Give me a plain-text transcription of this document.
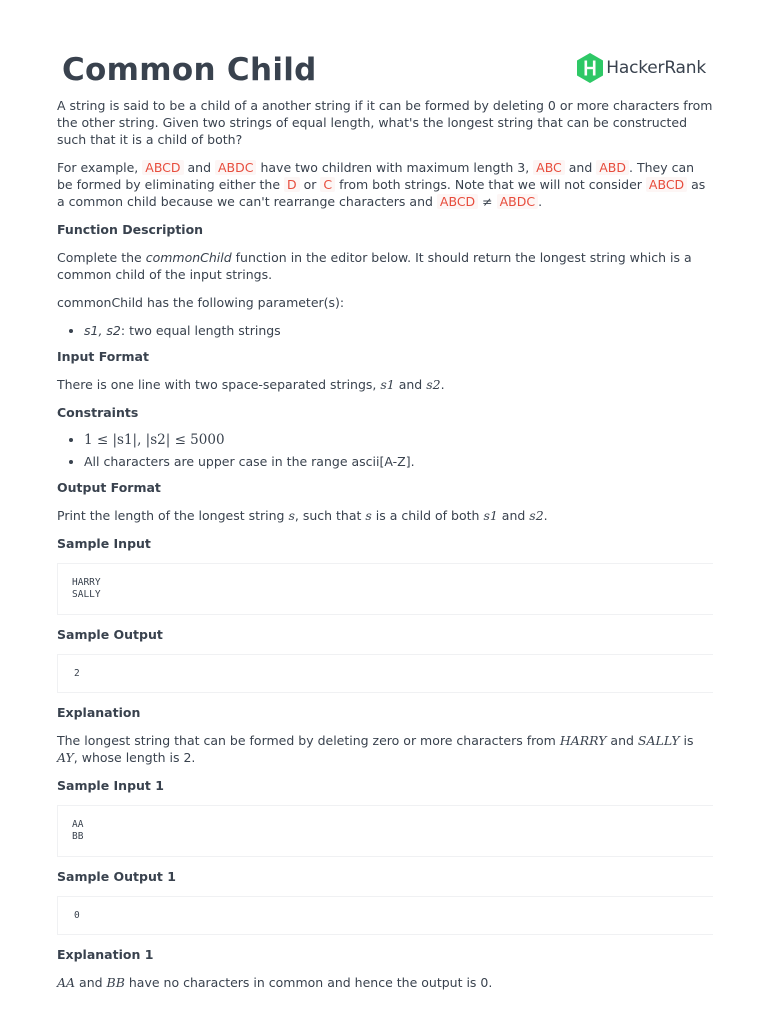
Common Child	HackerRank

A string is said to be a child of a another string if it can be formed by deleting 0 or more characters from the other string. Given two strings of equal length, what's the longest string that can be constructed such that it is a child of both?

For example, ABCD and ABDC have two children with maximum length 3, ABC and ABD . They can be formed by eliminating either the D or C from both strings. Note that we will not consider ABCD as a common child because we can't rearrange characters and ABCD ≠ ABDC .

Function Description

Complete the commonChild function in the editor below. It should return the longest string which is a common child of the input strings.

commonChild has the following parameter(s):

• s1, s2: two equal length strings
Input Format

There is one line with two space-separated strings, s1 and s2.

Constraints
• 1 ≤ |s1|, |s2| ≤ 5000
• All characters are upper case in the range ascii[A-Z].
Output Format

Print the length of the longest string s, such that s is a child of both s1 and s2.

Sample Input
HARRY
SALLY
Sample Output
2
Explanation

The longest string that can be formed by deleting zero or more characters from HARRY and SALLY is AY, whose length is 2.

Sample Input 1
AA
BB
Sample Output 1
0
Explanation 1

AA and BB have no characters in common and hence the output is 0.
